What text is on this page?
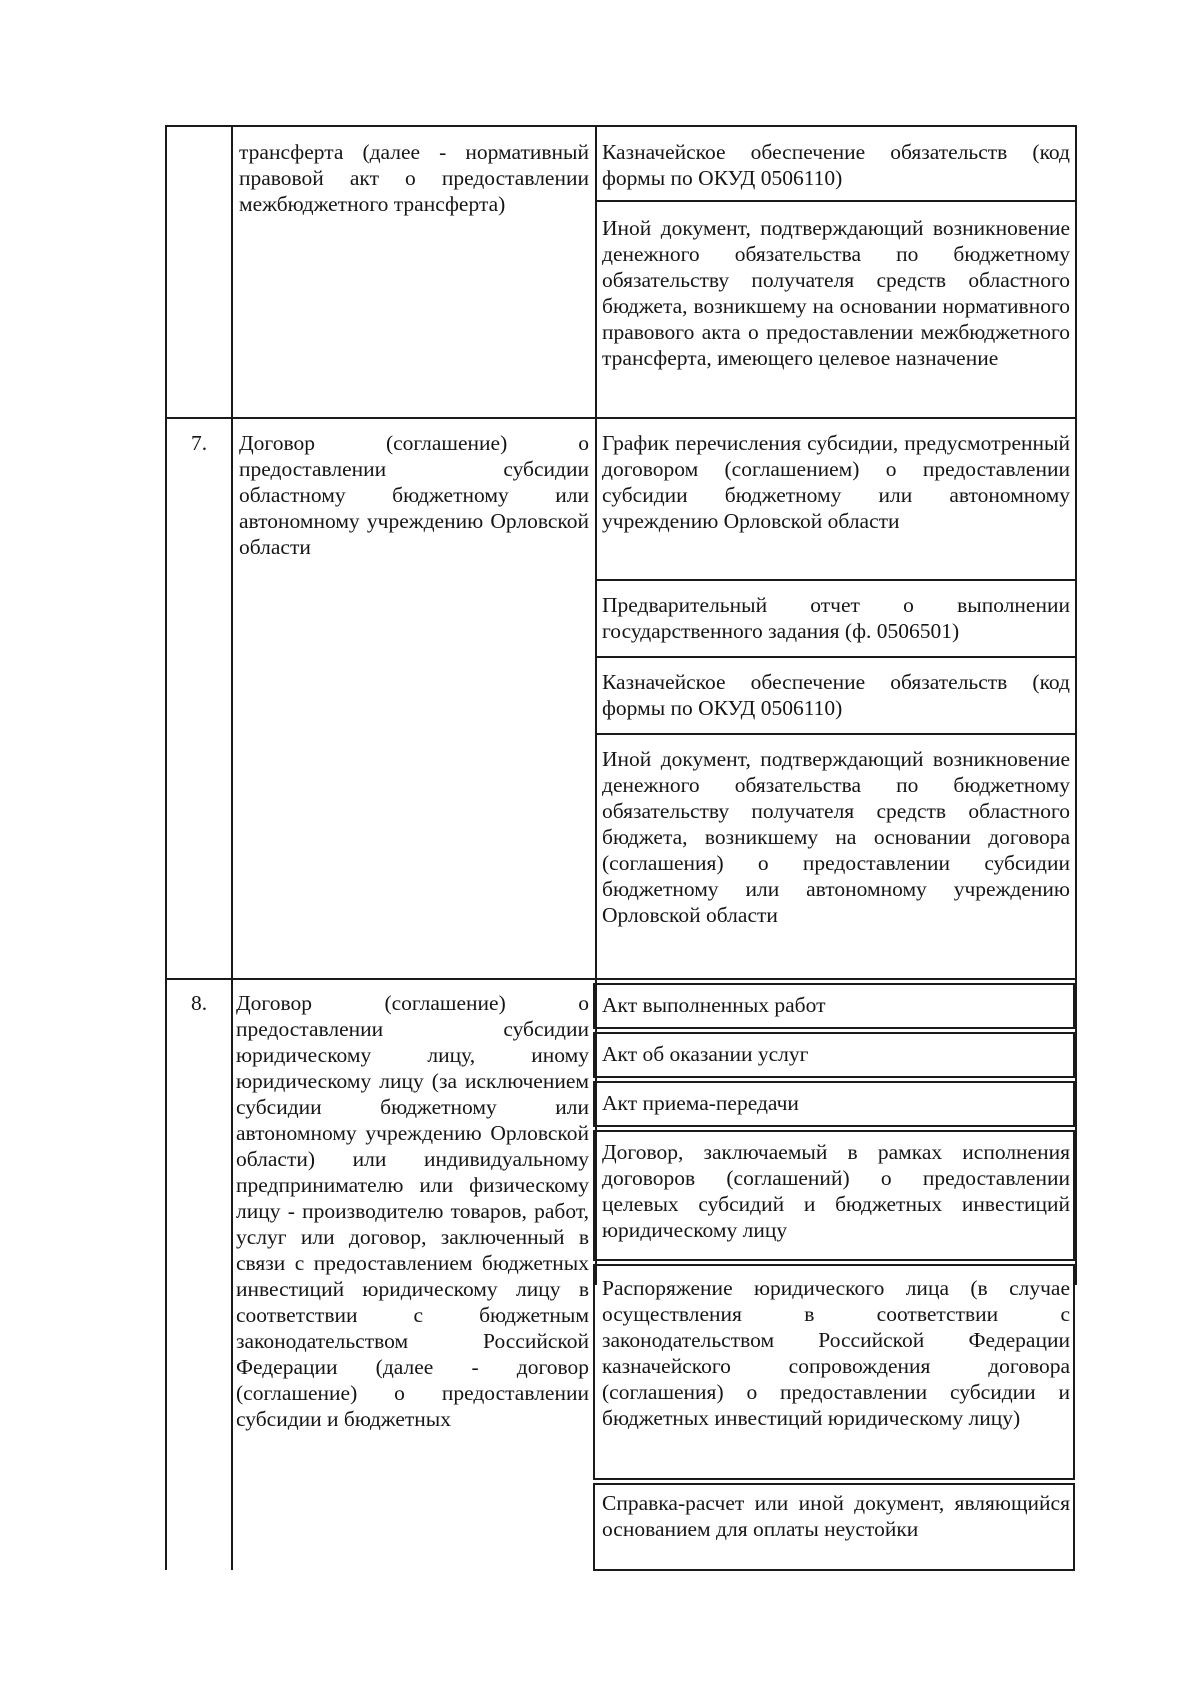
трансферта (далее - нормативный правовой акт о предоставлении межбюджетного трансферта)
Казначейское обеспечение обязательств (код формы по ОКУД 0506110)
Иной документ, подтверждающий возникновение денежного обязательства по бюджетному обязательству получателя средств областного бюджета, возникшему на основании нормативного правового акта о предоставлении межбюджетного трансферта, имеющего целевое назначение
7.	Договор (соглашение) о предоставлении субсидии областному бюджетному или автономному учреждению Орловской области
График перечисления субсидии, предусмотренный договором (соглашением) о предоставлении субсидии бюджетному или автономному учреждению Орловской области
Предварительный отчет о выполнении государственного задания (ф. 0506501)
Казначейское обеспечение обязательств (код формы по ОКУД 0506110)
Иной документ, подтверждающий возникновение денежного обязательства по бюджетному обязательству получателя средств областного бюджета, возникшему на основании договора (соглашения) о предоставлении субсидии бюджетному или автономному учреждению Орловской области
8.	Договор (соглашение) о предоставлении субсидии юридическому лицу, иному юридическому лицу (за исключением субсидии бюджетному или автономному учреждению Орловской области) или индивидуальному предпринимателю или физическому лицу - производителю товаров, работ, услуг или договор, заключенный в связи с предоставлением бюджетных инвестиций юридическому лицу в соответствии с бюджетным законодательством Российской Федерации (далее - договор (соглашение) о предоставлении субсидии и бюджетных
Акт выполненных работ
Акт об оказании услуг
Акт приема-передачи
Договор, заключаемый в рамках исполнения договоров (соглашений) о предоставлении целевых субсидий и бюджетных инвестиций юридическому лицу
Распоряжение юридического лица (в случае осуществления в соответствии с законодательством Российской Федерации казначейского сопровождения договора (соглашения) о предоставлении субсидии и бюджетных инвестиций юридическому лицу)
Справка-расчет или иной документ, являющийся основанием для оплаты неустойки
